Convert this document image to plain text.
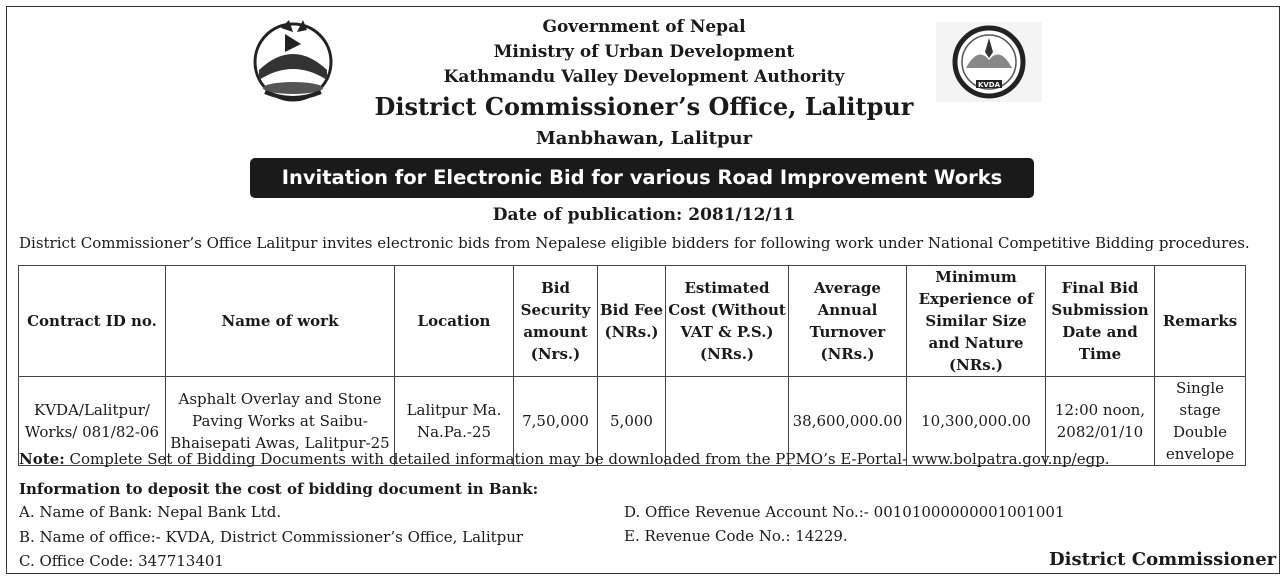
KVDA
Government of Nepal
Ministry of Urban Development
Kathmandu Valley Development Authority
District Commissioner’s Office, Lalitpur
Manbhawan, Lalitpur
Invitation for Electronic Bid for various Road Improvement Works
Date of publication: 2081/12/11
District Commissioner’s Office Lalitpur invites electronic bids from Nepalese eligible bidders for following work under National Competitive Bidding procedures.
Contract ID no.	Name of work	Location	Bid Security amount (Nrs.)	Bid Fee (NRs.)	Estimated Cost (Without VAT & P.S.) (NRs.)	Average Annual Turnover (NRs.)	Minimum Experience of Similar Size and Nature (NRs.)	Final Bid Submission Date and Time	Remarks
KVDA/Lalitpur/ Works/ 081/82-06	Asphalt Overlay and Stone Paving Works at Saibu-Bhaisepati Awas, Lalitpur-25	Lalitpur Ma. Na.Pa.-25	7,50,000	5,000		38,600,000.00	10,300,000.00	12:00 noon, 2082/01/10	Single stage Double envelope
Note: Complete Set of Bidding Documents with detailed information may be downloaded from the PPMO’s E-Portal- www.bolpatra.gov.np/egp.
Information to deposit the cost of bidding document in Bank:
A. Name of Bank: Nepal Bank Ltd.
B. Name of office:- KVDA, District Commissioner’s Office, Lalitpur
C. Office Code: 347713401
D. Office Revenue Account No.:- 00101000000001001001
E. Revenue Code No.: 14229.
District Commissioner
